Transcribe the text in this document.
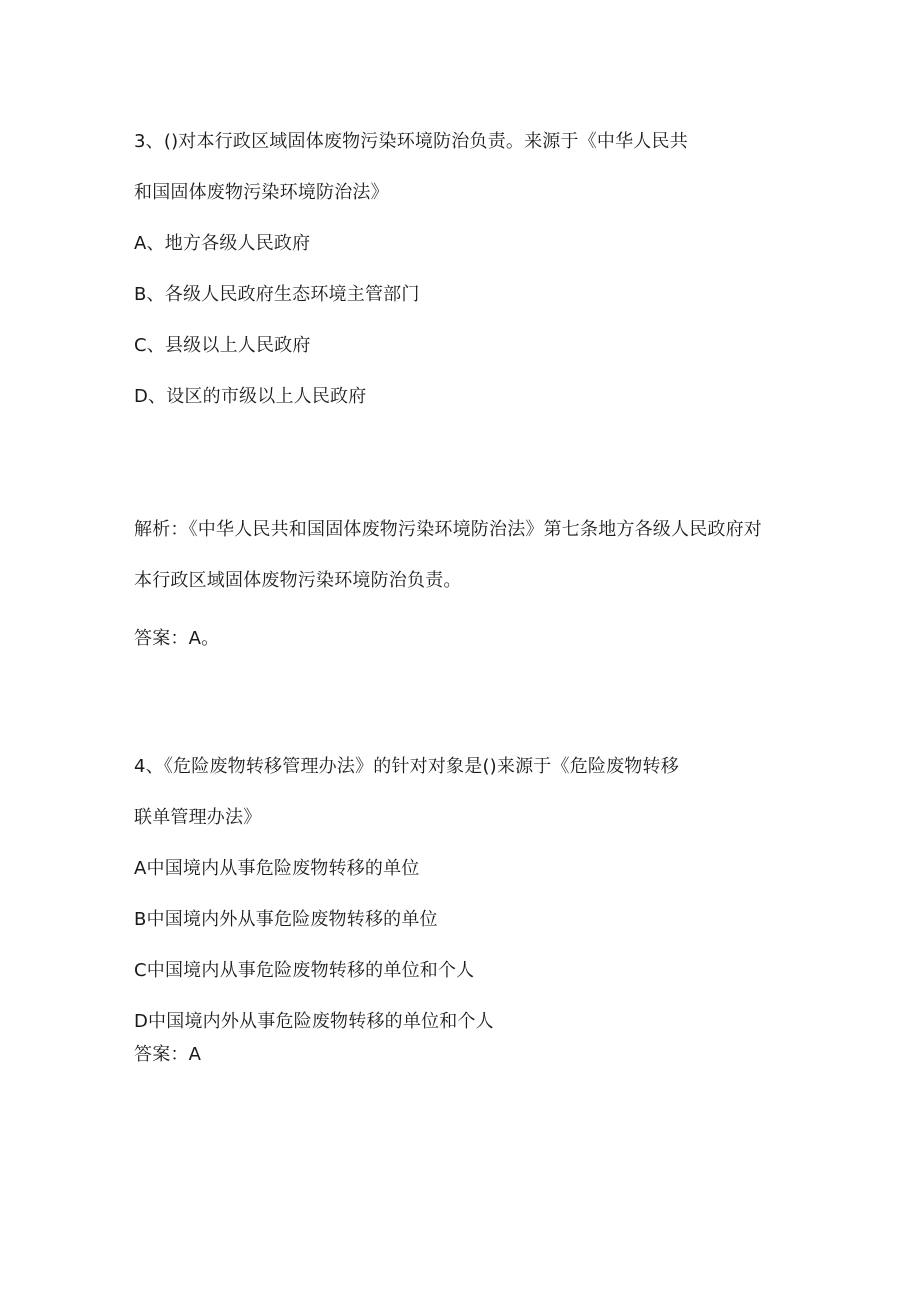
3、()对本行政区域固体废物污染环境防治负责。来源于《中华人民共
和国固体废物污染环境防治法》
A、地方各级人民政府
B、各级人民政府生态环境主管部门
C、县级以上人民政府
D、设区的市级以上人民政府
解析：《中华人民共和国固体废物污染环境防治法》第七条地方各级人民政府对
本行政区域固体废物污染环境防治负责。
答案：A。
4、《危险废物转移管理办法》的针对对象是()来源于《危险废物转移
联单管理办法》
A中国境内从事危险废物转移的单位
B中国境内外从事危险废物转移的单位
C中国境内从事危险废物转移的单位和个人
D中国境内外从事危险废物转移的单位和个人
答案：A
